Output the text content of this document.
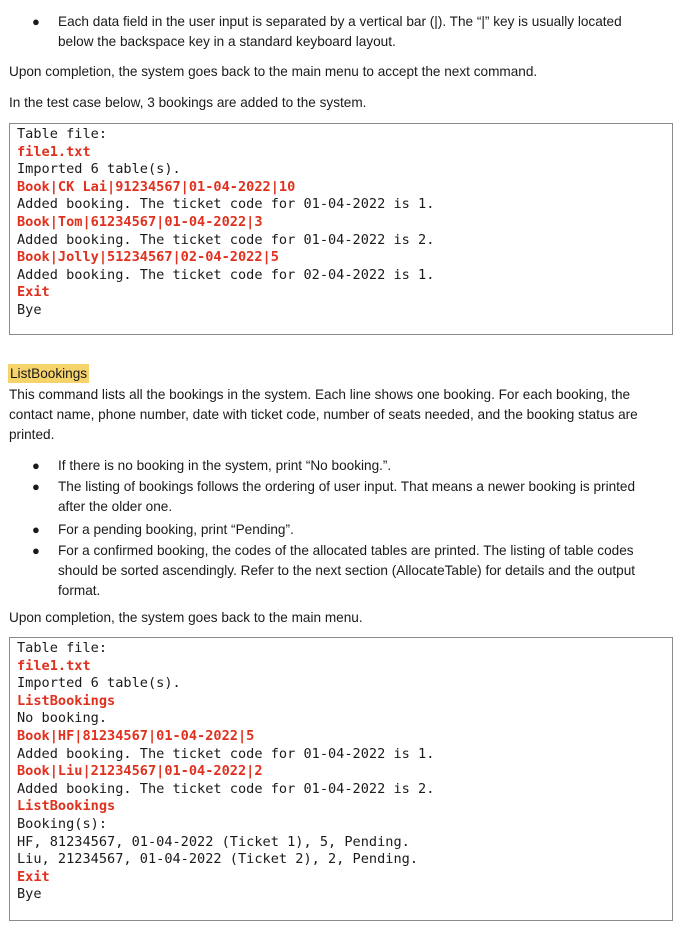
● Each data field in the user input is separated by a vertical bar (|). The “|” key is usually located below the backspace key in a standard keyboard layout.

Upon completion, the system goes back to the main menu to accept the next command.

In the test case below, 3 bookings are added to the system.

Table file:
file1.txt
Imported 6 table(s).
Book|CK Lai|91234567|01-04-2022|10
Added booking. The ticket code for 01-04-2022 is 1.
Book|Tom|61234567|01-04-2022|3
Added booking. The ticket code for 01-04-2022 is 2.
Book|Jolly|51234567|02-04-2022|5
Added booking. The ticket code for 02-04-2022 is 1.
Exit
Bye
ListBookings

This command lists all the bookings in the system. Each line shows one booking. For each booking, the contact name, phone number, date with ticket code, number of seats needed, and the booking status are printed.

● If there is no booking in the system, print “No booking.”.
● The listing of bookings follows the ordering of user input. That means a newer booking is printed after the older one.
● For a pending booking, print “Pending”.
● For a confirmed booking, the codes of the allocated tables are printed. The listing of table codes should be sorted ascendingly. Refer to the next section (AllocateTable) for details and the output format.

Upon completion, the system goes back to the main menu.

Table file:
file1.txt
Imported 6 table(s).
ListBookings
No booking.
Book|HF|81234567|01-04-2022|5
Added booking. The ticket code for 01-04-2022 is 1.
Book|Liu|21234567|01-04-2022|2
Added booking. The ticket code for 01-04-2022 is 2.
ListBookings
Booking(s):
HF, 81234567, 01-04-2022 (Ticket 1), 5, Pending.
Liu, 21234567, 01-04-2022 (Ticket 2), 2, Pending.
Exit
Bye
